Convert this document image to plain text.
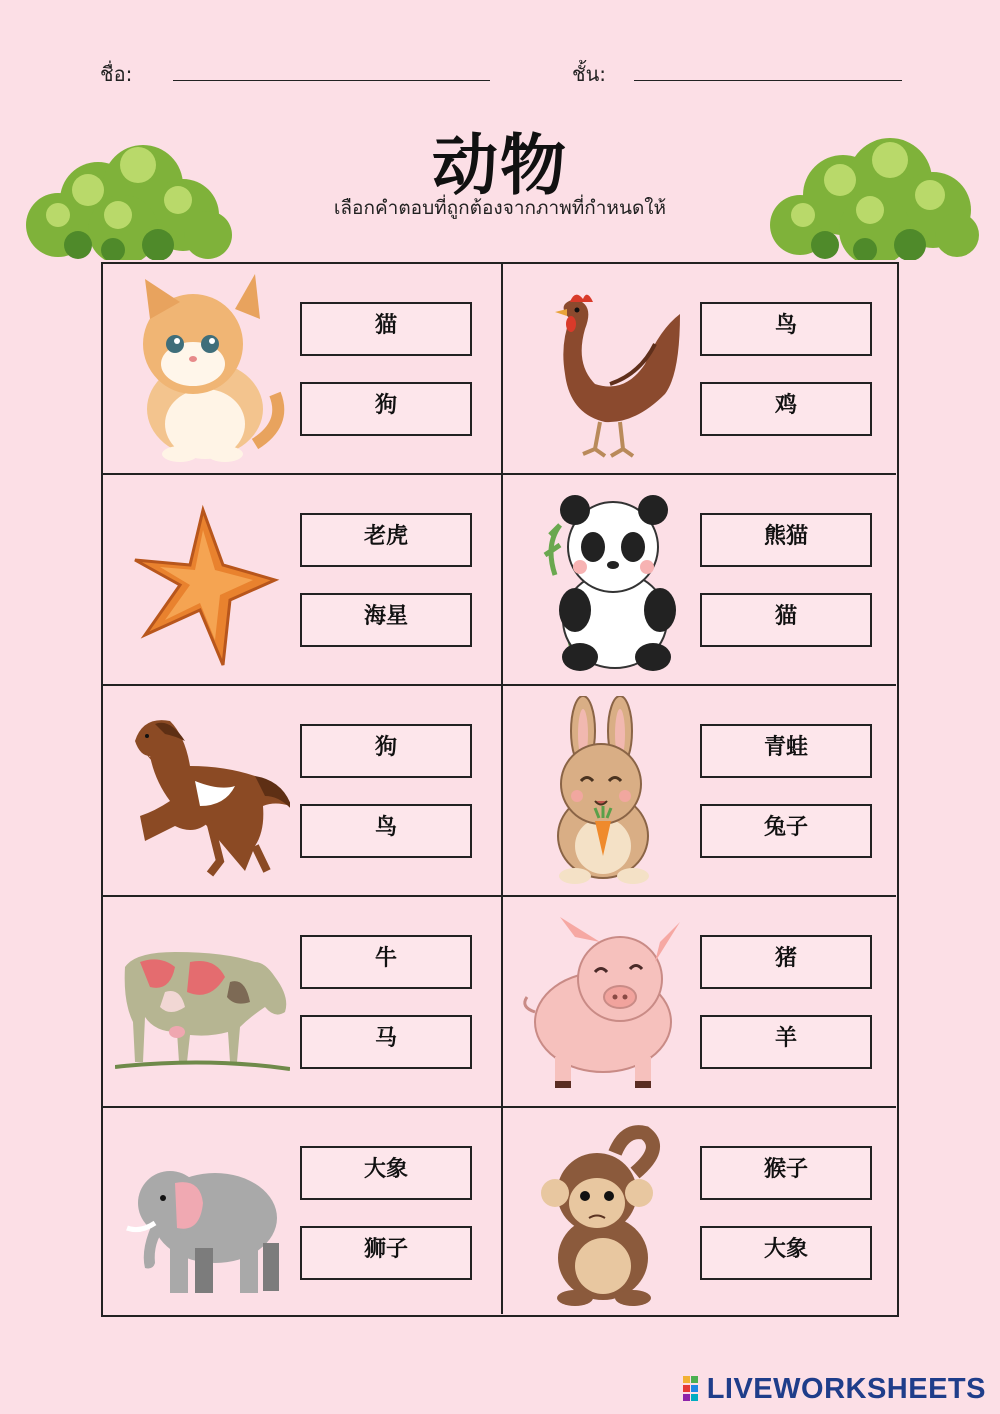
ชื่อ:	ชั้น:
动物
เลือกคำตอบที่ถูกต้องจากภาพที่กำหนดให้
猫
狗
鸟
鸡
老虎
海星
熊猫
猫
狗
鸟
青蛙
兔子
牛
马
猪
羊
大象
狮子
猴子
大象
LIVEWORKSHEETS
